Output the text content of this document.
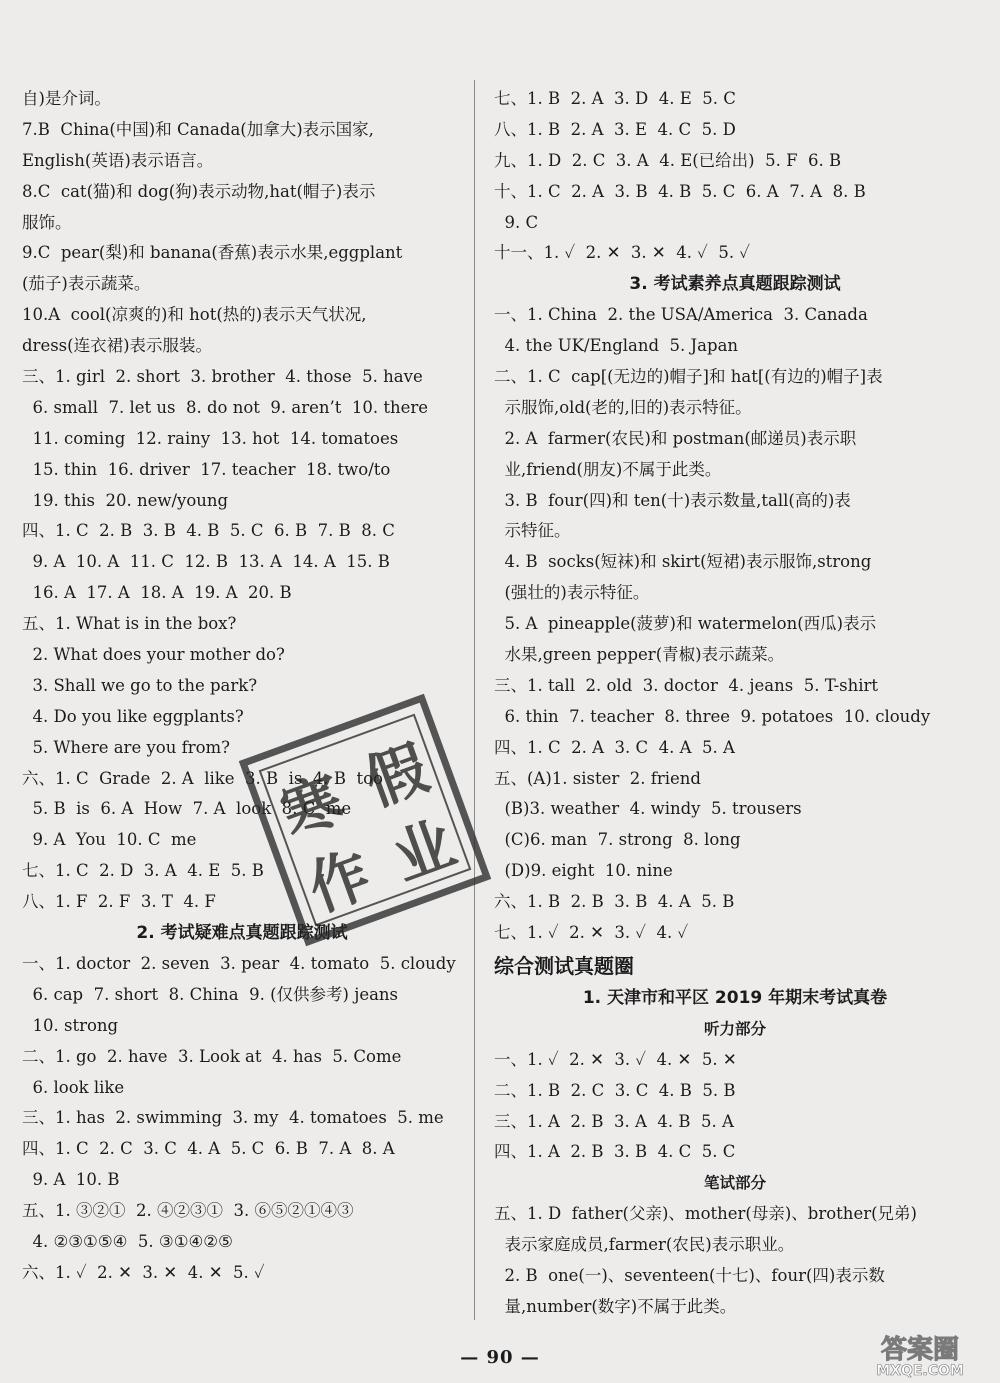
自)是介词。
7.B  China(中国)和 Canada(加拿大)表示国家,
English(英语)表示语言。
8.C  cat(猫)和 dog(狗)表示动物,hat(帽子)表示
服饰。
9.C  pear(梨)和 banana(香蕉)表示水果,eggplant
(茄子)表示蔬菜。
10.A  cool(凉爽的)和 hot(热的)表示天气状况,
dress(连衣裙)表示服装。
三、1. girl  2. short  3. brother  4. those  5. have
6. small  7. let us  8. do not  9. aren’t  10. there
11. coming  12. rainy  13. hot  14. tomatoes
15. thin  16. driver  17. teacher  18. two/to
19. this  20. new/young
四、1. C  2. B  3. B  4. B  5. C  6. B  7. B  8. C
9. A  10. A  11. C  12. B  13. A  14. A  15. B
16. A  17. A  18. A  19. A  20. B
五、1. What is in the box?
2. What does your mother do?
3. Shall we go to the park?
4. Do you like eggplants?
5. Where are you from?
六、1. C  Grade  2. A  like  3. B  is  4. B  too
5. B  is  6. A  How  7. A  look  8. C  me
9. A  You  10. C  me
七、1. C  2. D  3. A  4. E  5. B
八、1. F  2. F  3. T  4. F
2. 考试疑难点真题跟踪测试
一、1. doctor  2. seven  3. pear  4. tomato  5. cloudy
6. cap  7. short  8. China  9. (仅供参考) jeans
10. strong
二、1. go  2. have  3. Look at  4. has  5. Come
6. look like
三、1. has  2. swimming  3. my  4. tomatoes  5. me
四、1. C  2. C  3. C  4. A  5. C  6. B  7. A  8. A
9. A  10. B
五、1. ③②①  2. ④②③①  3. ⑥⑤②①④③
4. ②③①⑤④  5. ③①④②⑤
六、1. ✓  2. ✕  3. ✕  4. ✕  5. ✓
七、1. B  2. A  3. D  4. E  5. C
八、1. B  2. A  3. E  4. C  5. D
九、1. D  2. C  3. A  4. E(已给出)  5. F  6. B
十、1. C  2. A  3. B  4. B  5. C  6. A  7. A  8. B
9. C
十一、1. ✓  2. ✕  3. ✕  4. ✓  5. ✓
3. 考试素养点真题跟踪测试
一、1. China  2. the USA/America  3. Canada
4. the UK/England  5. Japan
二、1. C  cap[(无边的)帽子]和 hat[(有边的)帽子]表
示服饰,old(老的,旧的)表示特征。
2. A  farmer(农民)和 postman(邮递员)表示职
业,friend(朋友)不属于此类。
3. B  four(四)和 ten(十)表示数量,tall(高的)表
示特征。
4. B  socks(短袜)和 skirt(短裙)表示服饰,strong
(强壮的)表示特征。
5. A  pineapple(菠萝)和 watermelon(西瓜)表示
水果,green pepper(青椒)表示蔬菜。
三、1. tall  2. old  3. doctor  4. jeans  5. T-shirt
6. thin  7. teacher  8. three  9. potatoes  10. cloudy
四、1. C  2. A  3. C  4. A  5. A
五、(A)1. sister  2. friend
(B)3. weather  4. windy  5. trousers
(C)6. man  7. strong  8. long
(D)9. eight  10. nine
六、1. B  2. B  3. B  4. A  5. B
七、1. ✓  2. ✕  3. ✓  4. ✓
综合测试真题圈
1. 天津市和平区 2019 年期末考试真卷
听力部分
一、1. ✓  2. ✕  3. ✓  4. ✕  5. ✕
二、1. B  2. C  3. C  4. B  5. B
三、1. A  2. B  3. A  4. B  5. A
四、1. A  2. B  3. B  4. C  5. C
笔试部分
五、1. D  father(父亲)、mother(母亲)、brother(兄弟)
表示家庭成员,farmer(农民)表示职业。
2. B  one(一)、seventeen(十七)、four(四)表示数
量,number(数字)不属于此类。
寒 假
作 业
— 90 —	答案圈
MXQE.COM
